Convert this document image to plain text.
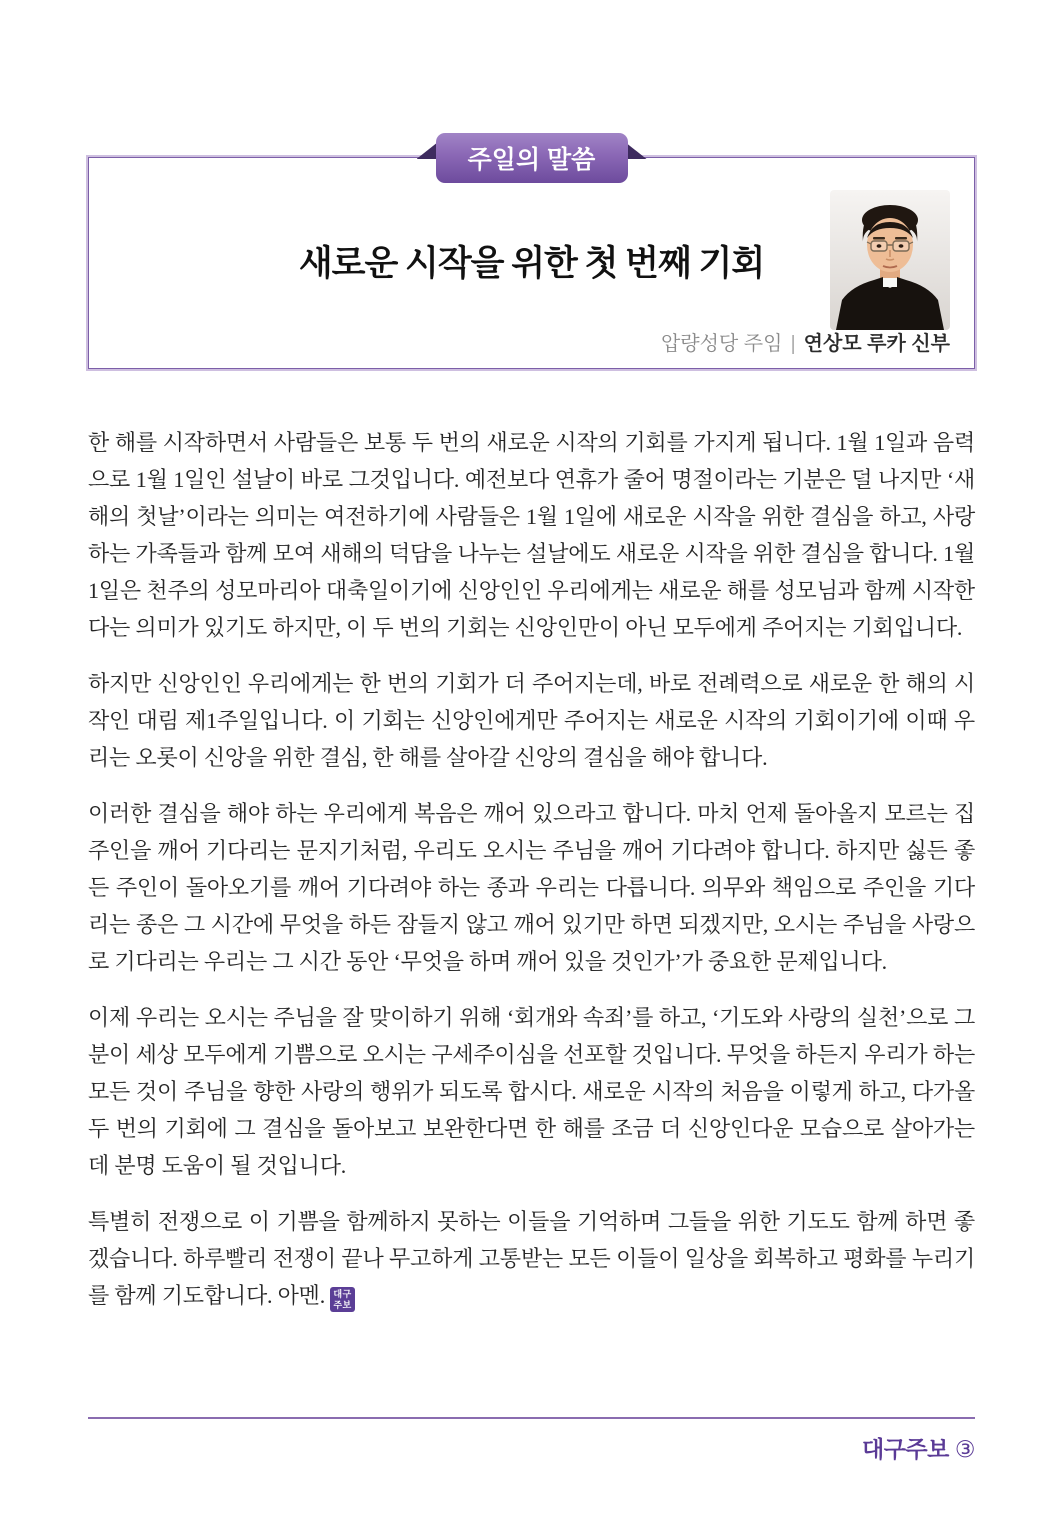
주일의 말씀
새로운 시작을 위한 첫 번째 기회
압량성당 주임 | 연상모 루카 신부

한 해를 시작하면서 사람들은 보통 두 번의 새로운 시작의 기회를 가지게 됩니다. 1월 1일과 음력으로 1월 1일인 설날이 바로 그것입니다. 예전보다 연휴가 줄어 명절이라는 기분은 덜 나지만 ‘새해의 첫날’이라는 의미는 여전하기에 사람들은 1월 1일에 새로운 시작을 위한 결심을 하고, 사랑하는 가족들과 함께 모여 새해의 덕담을 나누는 설날에도 새로운 시작을 위한 결심을 합니다. 1월 1일은 천주의 성모마리아 대축일이기에 신앙인인 우리에게는 새로운 해를 성모님과 함께 시작한다는 의미가 있기도 하지만, 이 두 번의 기회는 신앙인만이 아닌 모두에게 주어지는 기회입니다.

하지만 신앙인인 우리에게는 한 번의 기회가 더 주어지는데, 바로 전례력으로 새로운 한 해의 시작인 대림 제1주일입니다. 이 기회는 신앙인에게만 주어지는 새로운 시작의 기회이기에 이때 우리는 오롯이 신앙을 위한 결심, 한 해를 살아갈 신앙의 결심을 해야 합니다.

이러한 결심을 해야 하는 우리에게 복음은 깨어 있으라고 합니다. 마치 언제 돌아올지 모르는 집주인을 깨어 기다리는 문지기처럼, 우리도 오시는 주님을 깨어 기다려야 합니다. 하지만 싫든 좋든 주인이 돌아오기를 깨어 기다려야 하는 종과 우리는 다릅니다. 의무와 책임으로 주인을 기다리는 종은 그 시간에 무엇을 하든 잠들지 않고 깨어 있기만 하면 되겠지만, 오시는 주님을 사랑으로 기다리는 우리는 그 시간 동안 ‘무엇을 하며 깨어 있을 것인가’가 중요한 문제입니다.

이제 우리는 오시는 주님을 잘 맞이하기 위해 ‘회개와 속죄’를 하고, ‘기도와 사랑의 실천’으로 그분이 세상 모두에게 기쁨으로 오시는 구세주이심을 선포할 것입니다. 무엇을 하든지 우리가 하는 모든 것이 주님을 향한 사랑의 행위가 되도록 합시다. 새로운 시작의 처음을 이렇게 하고, 다가올 두 번의 기회에 그 결심을 돌아보고 보완한다면 한 해를 조금 더 신앙인다운 모습으로 살아가는 데 분명 도움이 될 것입니다.

특별히 전쟁으로 이 기쁨을 함께하지 못하는 이들을 기억하며 그들을 위한 기도도 함께 하면 좋겠습니다. 하루빨리 전쟁이 끝나 무고하게 고통받는 모든 이들이 일상을 회복하고 평화를 누리기를 함께 기도합니다. 아멘. 대구
주보

대구주보 ③
